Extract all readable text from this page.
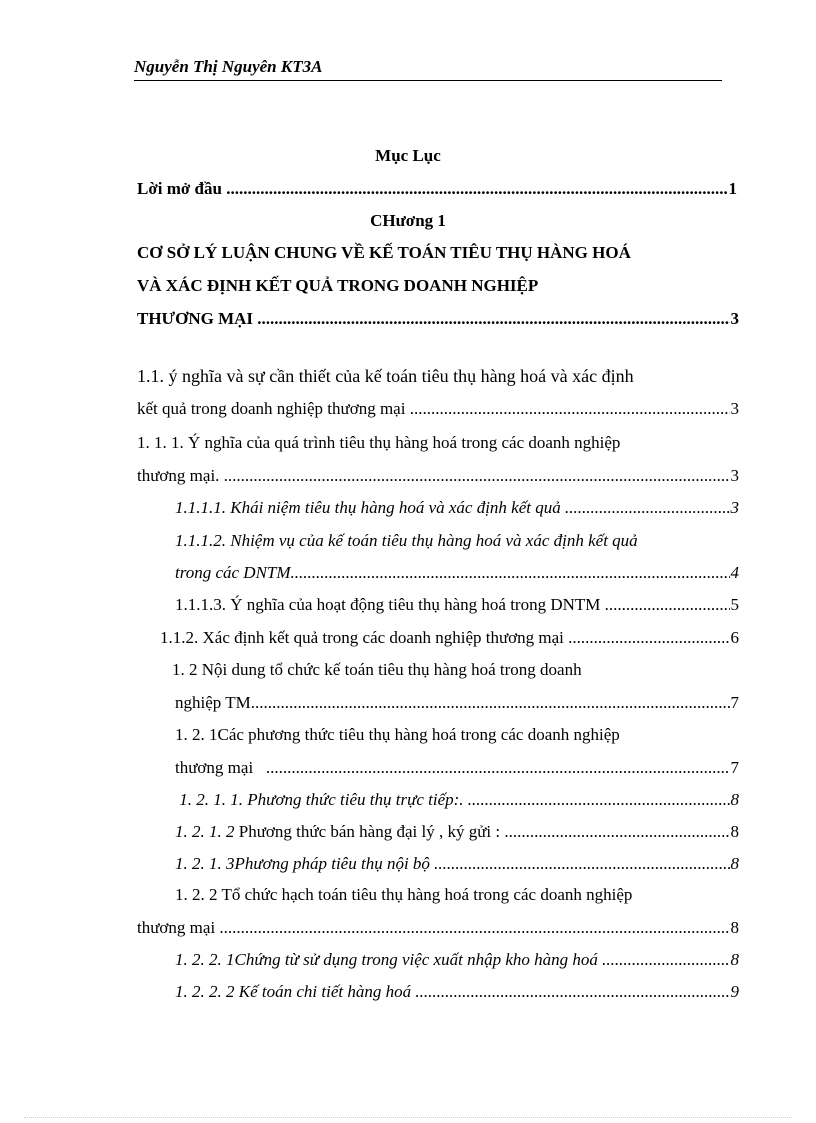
Nguyễn Thị Nguyên KT3A
Mục Lục
Lời mở đầu .....	1
CHương 1
CƠ SỞ LÝ LUẬN CHUNG VỀ KẾ TOÁN TIÊU THỤ HÀNG HOÁ
VÀ XÁC ĐỊNH KẾT QUẢ TRONG DOANH NGHIỆP
THƯƠNG MẠI .....	3
1.1. ý nghĩa và sự cần thiết của kế toán tiêu thụ hàng hoá và xác định
kết quả trong doanh nghiệp thương mại .....	3
1. 1. 1. Ý nghĩa của quá trình tiêu thụ hàng hoá trong các doanh nghiệp
thương mại. .....	3
1.1.1.1. Khái niệm tiêu thụ hàng hoá và xác định kết quả .....	3
1.1.1.2. Nhiệm vụ của kế toán tiêu thụ hàng hoá và xác định kết quả
trong các DNTM .....	4
1.1.1.3. Ý nghĩa của hoạt động tiêu thụ hàng hoá trong DNTM .....	5
1.1.2. Xác định kết quả trong các doanh nghiệp thương mại .....	6
1. 2 Nội dung tổ chức kế toán tiêu thụ hàng hoá trong doanh
nghiệp TM .....	7
1. 2. 1Các phương thức tiêu thụ hàng hoá trong các doanh nghiệp
thương mại .....	7
1. 2. 1. 1. Phương thức tiêu thụ trực tiếp:. .....	8
1. 2. 1. 2 Phương thức bán hàng đại lý , ký gửi : .....	8
1. 2. 1. 3Phương pháp tiêu thụ nội bộ .....	8
1. 2. 2 Tổ chức hạch toán tiêu thụ hàng hoá trong các doanh nghiệp
thương mại .....	8
1. 2. 2. 1Chứng từ sử dụng trong việc xuất nhập kho hàng hoá .....	8
1. 2. 2. 2 Kế toán chi tiết hàng hoá .....	9
